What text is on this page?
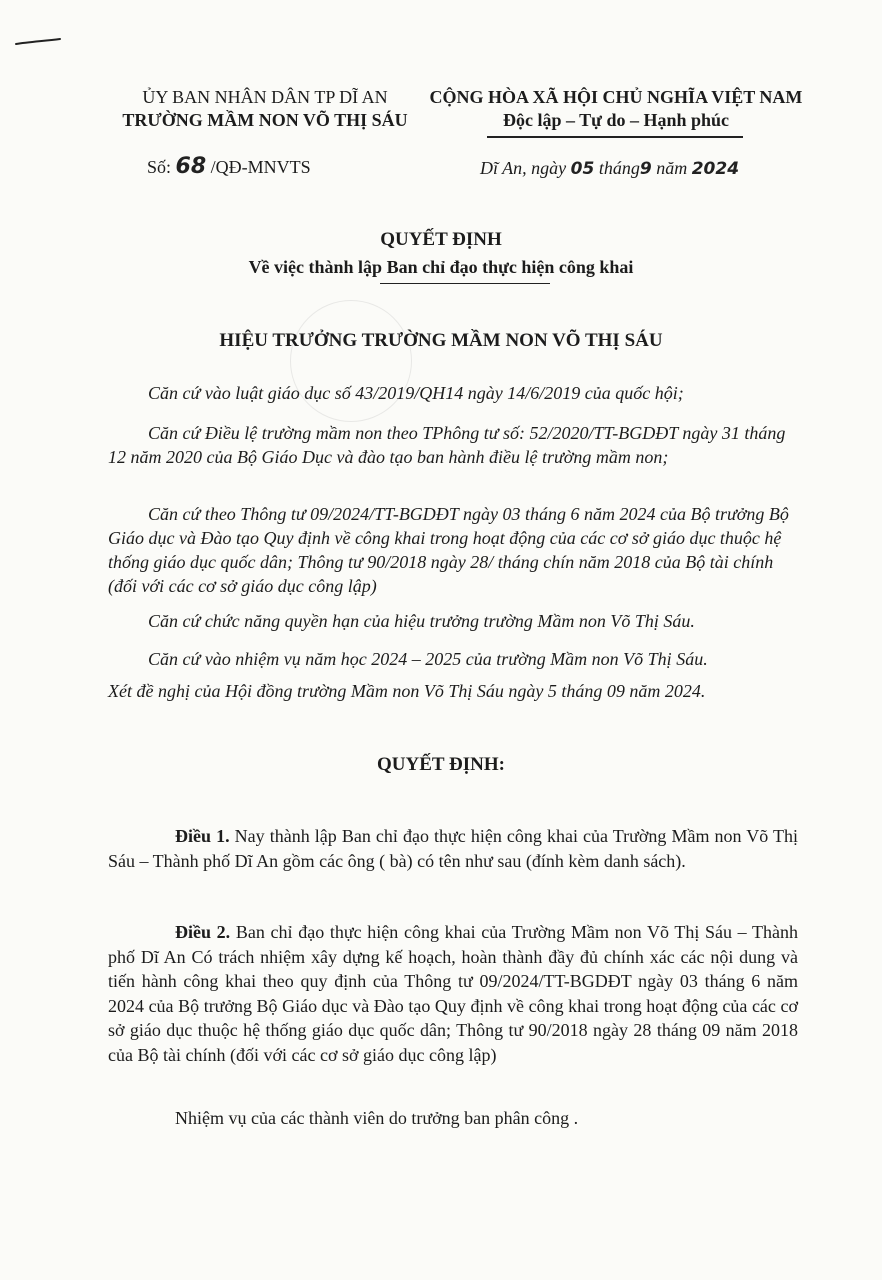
ỦY BAN NHÂN DÂN TP DĨ AN
TRƯỜNG MẦM NON VÕ THỊ SÁU
CỘNG HÒA XÃ HỘI CHỦ NGHĨA VIỆT NAM
Độc lập – Tự do – Hạnh phúc
Số: 68 /QĐ-MNVTS	Dĩ An, ngày 05 tháng9 năm 2024
QUYẾT ĐỊNH
Về việc thành lập Ban chỉ đạo thực hiện công khai
HIỆU TRƯỞNG TRƯỜNG MẦM NON VÕ THỊ SÁU
Căn cứ vào luật giáo dục số 43/2019/QH14 ngày 14/6/2019 của quốc hội;
Căn cứ Điều lệ trường mầm non theo TPhông tư số: 52/2020/TT-BGDĐT ngày 31 tháng 12 năm 2020 của Bộ Giáo Dục và đào tạo ban hành điều lệ trường mầm non;
Căn cứ theo Thông tư 09/2024/TT-BGDĐT ngày 03 tháng 6 năm 2024 của Bộ trưởng Bộ Giáo dục và Đào tạo Quy định về công khai trong hoạt động của các cơ sở giáo dục thuộc hệ thống giáo dục quốc dân; Thông tư 90/2018 ngày 28/ tháng chín năm 2018 của Bộ tài chính (đối với các cơ sở giáo dục công lập)
Căn cứ chức năng quyền hạn của hiệu trưởng trường Mầm non Võ Thị Sáu.
Căn cứ vào nhiệm vụ năm học 2024 – 2025 của trường Mầm non Võ Thị Sáu.
Xét đề nghị của Hội đồng trường Mầm non Võ Thị Sáu ngày 5 tháng 09 năm 2024.
QUYẾT ĐỊNH:
Điều 1. Nay thành lập Ban chỉ đạo thực hiện công khai của Trường Mầm non Võ Thị Sáu – Thành phố Dĩ An gồm các ông ( bà) có tên như sau (đính kèm danh sách).
Điều 2. Ban chỉ đạo thực hiện công khai của Trường Mầm non Võ Thị Sáu – Thành phố Dĩ An Có trách nhiệm xây dựng kế hoạch, hoàn thành đầy đủ chính xác các nội dung và tiến hành công khai theo quy định của Thông tư 09/2024/TT-BGDĐT ngày 03 tháng 6 năm 2024 của Bộ trưởng Bộ Giáo dục và Đào tạo Quy định về công khai trong hoạt động của các cơ sở giáo dục thuộc hệ thống giáo dục quốc dân; Thông tư 90/2018 ngày 28 tháng 09 năm 2018 của Bộ tài chính (đối với các cơ sở giáo dục công lập)
Nhiệm vụ của các thành viên do trưởng ban phân công .
